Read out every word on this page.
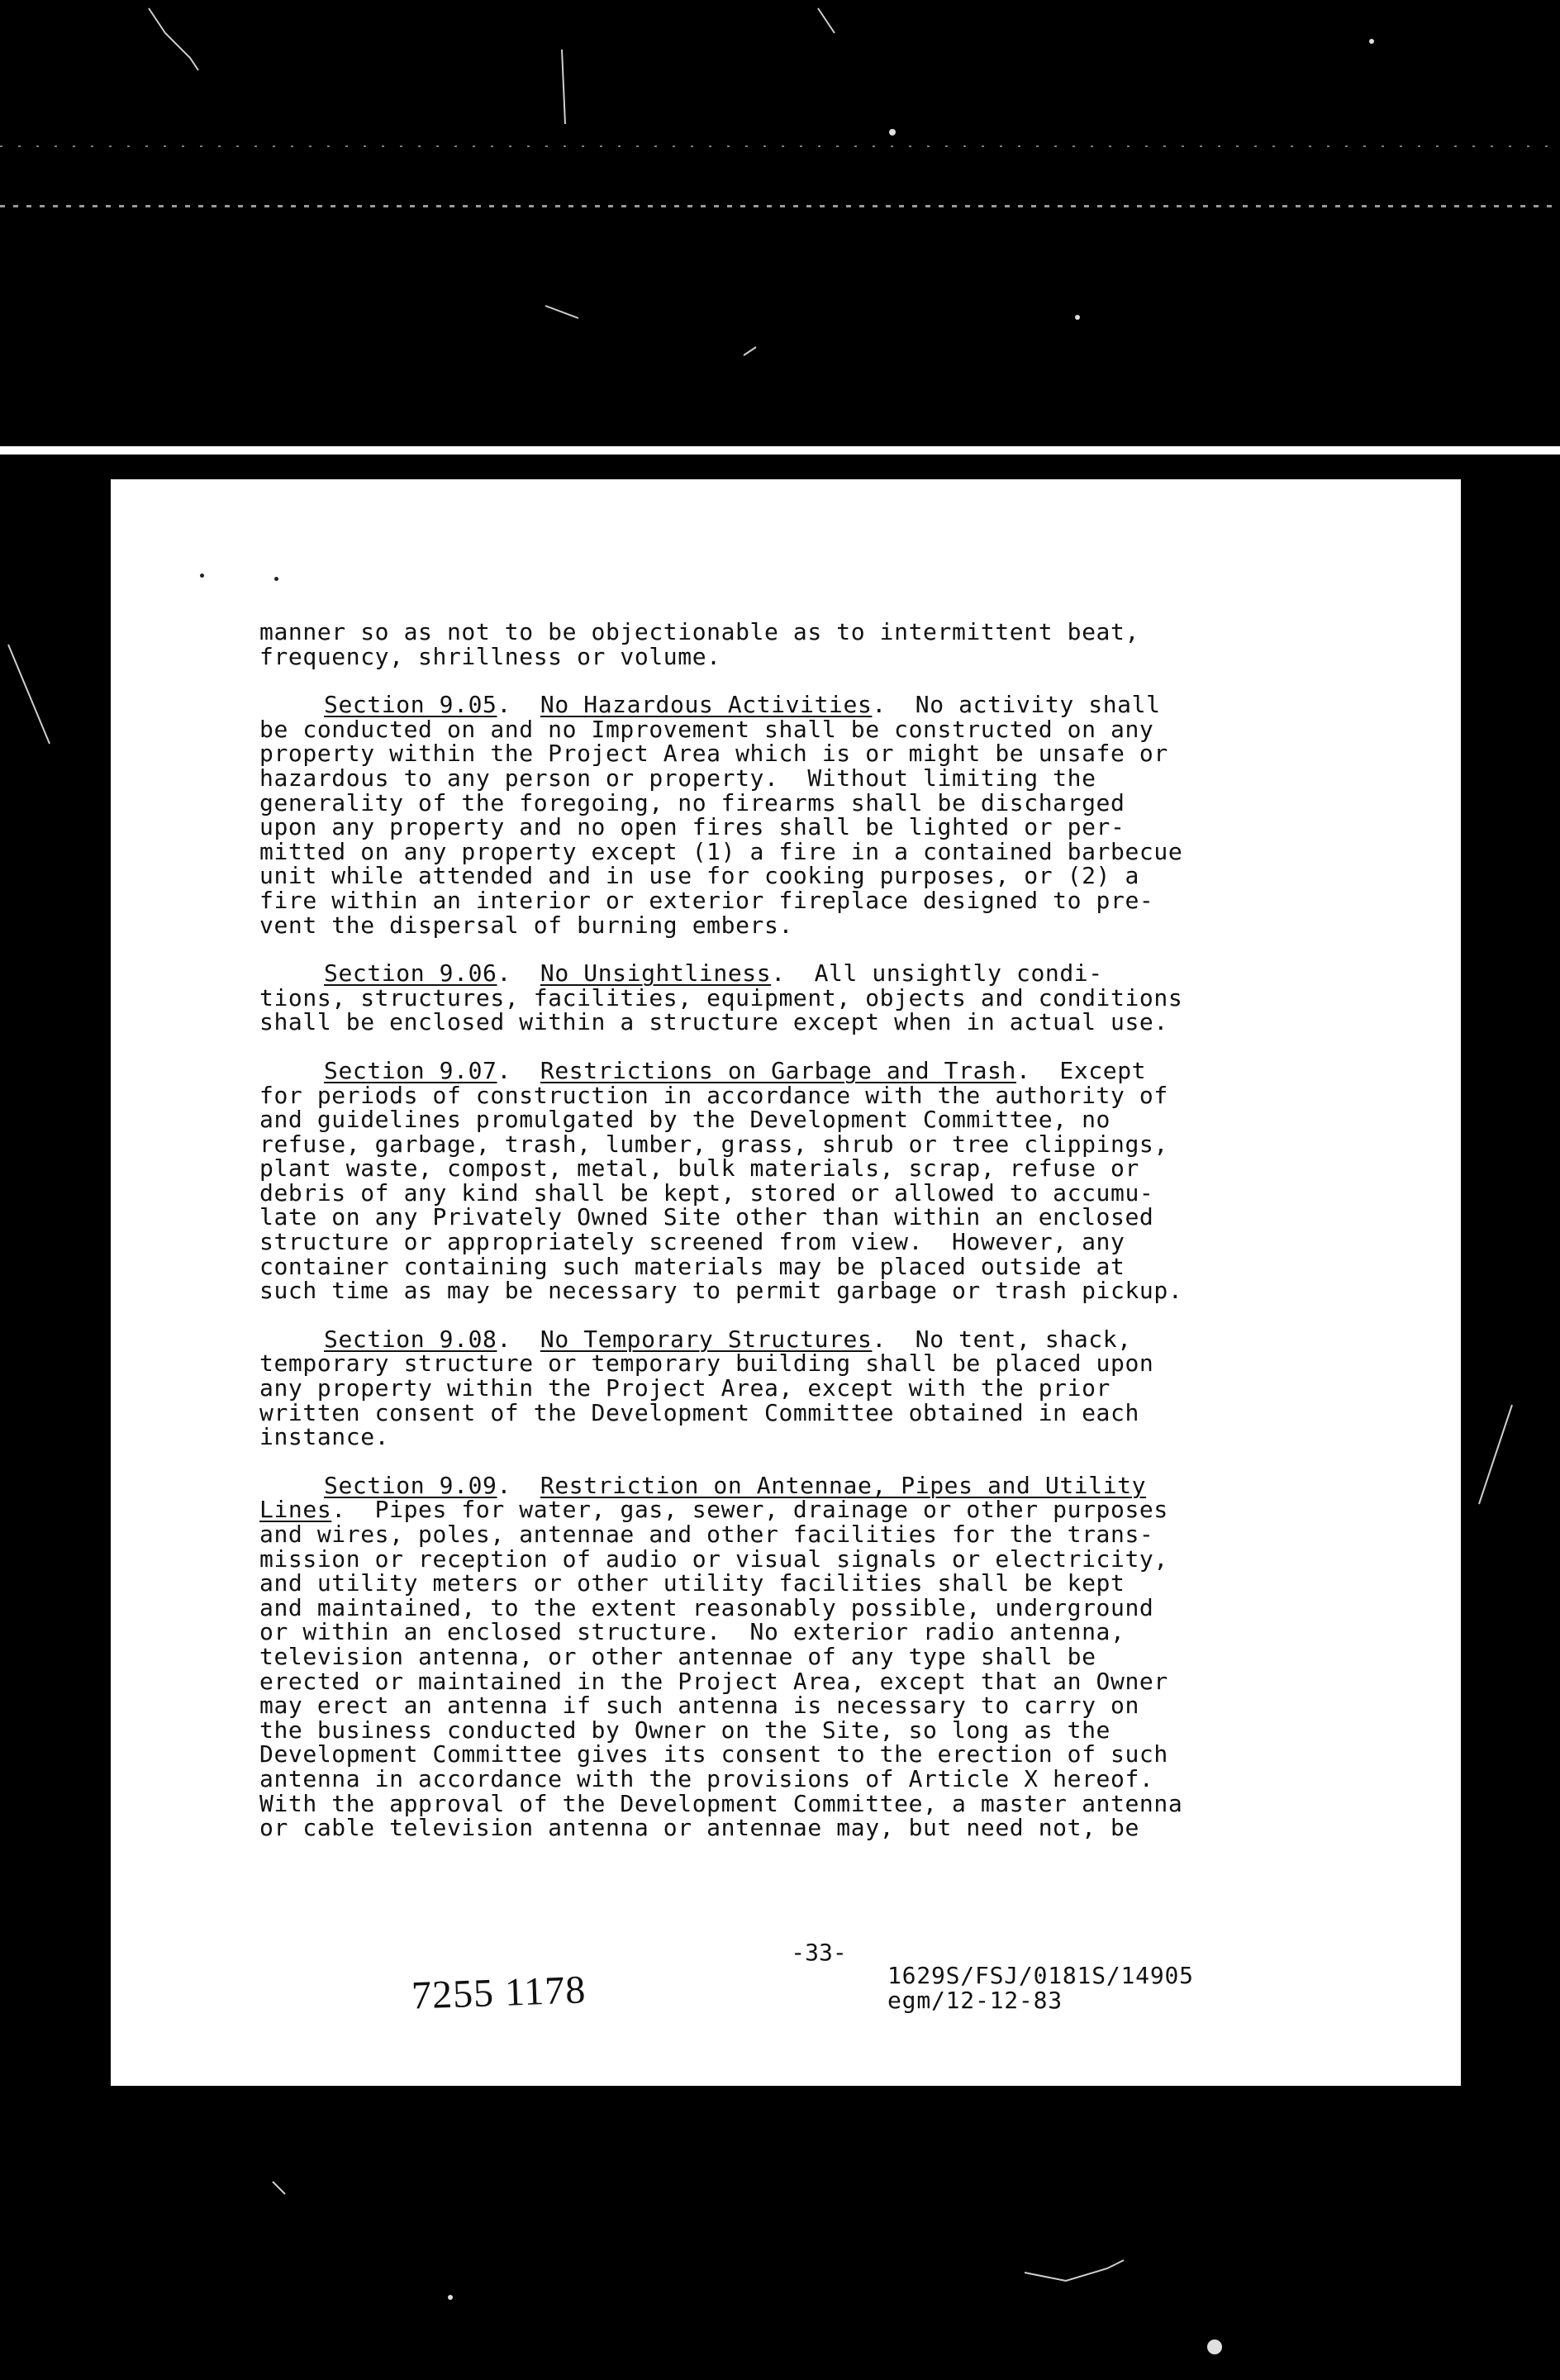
manner so as not to be objectionable as to intermittent beat,
frequency, shrillness or volume.

Section 9.05.  No Hazardous Activities.  No activity shall
be conducted on and no Improvement shall be constructed on any
property within the Project Area which is or might be unsafe or
hazardous to any person or property.  Without limiting the
generality of the foregoing, no firearms shall be discharged
upon any property and no open fires shall be lighted or per-
mitted on any property except (1) a fire in a contained barbecue
unit while attended and in use for cooking purposes, or (2) a
fire within an interior or exterior fireplace designed to pre-
vent the dispersal of burning embers.

Section 9.06.  No Unsightliness.  All unsightly condi-
tions, structures, facilities, equipment, objects and conditions
shall be enclosed within a structure except when in actual use.

Section 9.07.  Restrictions on Garbage and Trash.  Except
for periods of construction in accordance with the authority of
and guidelines promulgated by the Development Committee, no
refuse, garbage, trash, lumber, grass, shrub or tree clippings,
plant waste, compost, metal, bulk materials, scrap, refuse or
debris of any kind shall be kept, stored or allowed to accumu-
late on any Privately Owned Site other than within an enclosed
structure or appropriately screened from view.  However, any
container containing such materials may be placed outside at
such time as may be necessary to permit garbage or trash pickup.

Section 9.08.  No Temporary Structures.  No tent, shack,
temporary structure or temporary building shall be placed upon
any property within the Project Area, except with the prior
written consent of the Development Committee obtained in each
instance.

Section 9.09.  Restriction on Antennae, Pipes and Utility
Lines.  Pipes for water, gas, sewer, drainage or other purposes
and wires, poles, antennae and other facilities for the trans-
mission or reception of audio or visual signals or electricity,
and utility meters or other utility facilities shall be kept
and maintained, to the extent reasonably possible, underground
or within an enclosed structure.  No exterior radio antenna,
television antenna, or other antennae of any type shall be
erected or maintained in the Project Area, except that an Owner
may erect an antenna if such antenna is necessary to carry on
the business conducted by Owner on the Site, so long as the
Development Committee gives its consent to the erection of such
antenna in accordance with the provisions of Article X hereof.
With the approval of the Development Committee, a master antenna
or cable television antenna or antennae may, but need not, be

-33-
7255 1178	1629S/FSJ/0181S/14905
egm/12-12-83
